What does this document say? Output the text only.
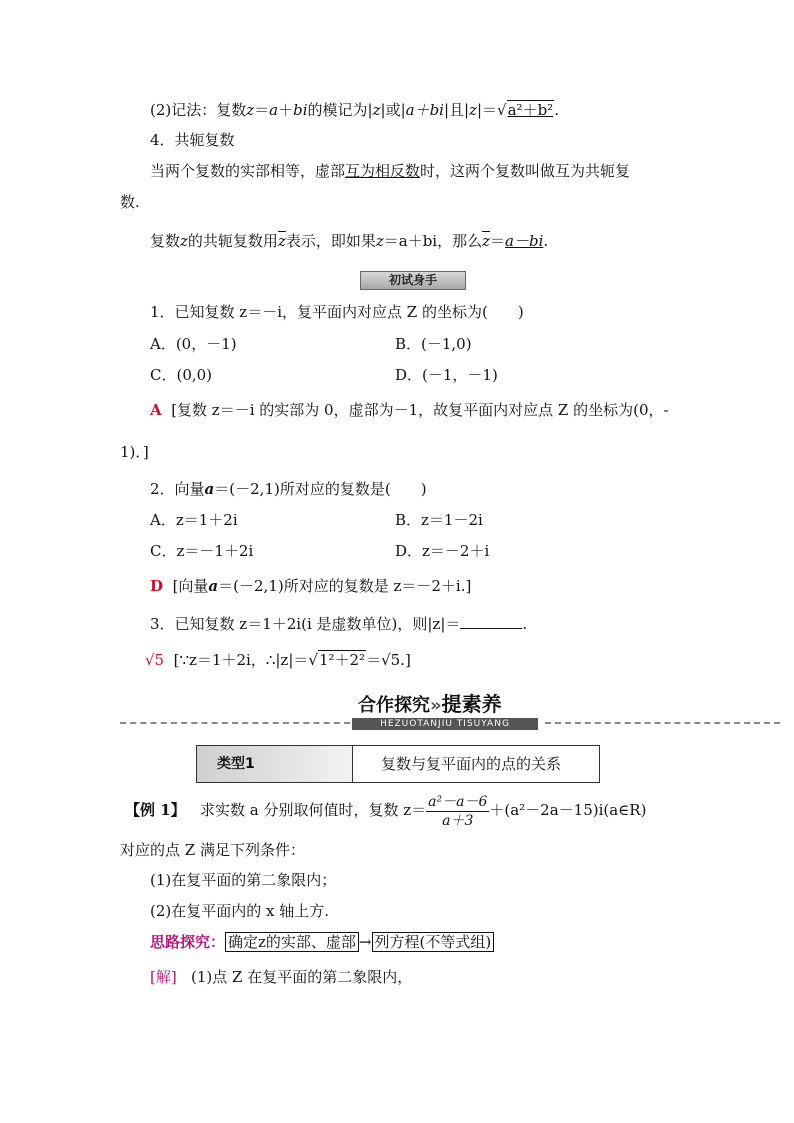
(2)记法：复数z＝a＋bi的模记为|z|或|a＋bi|且|z|＝√a²＋b².
4．共轭复数
当两个复数的实部相等，虚部互为相反数时，这两个复数叫做互为共轭复
数.
复数z的共轭复数用$\overline{z}$表示，即如果z＝a＋bi，那么$\overline{z}=a-bi$.
初试身手
1．已知复数 z＝－i，复平面内对应点 Z 的坐标为(　　)
A．(0，－1)	B．(－1,0)
C．(0,0)	D．(－1，－1)
A [复数 z＝－i 的实部为 0，虚部为－1，故复平面内对应点 Z 的坐标为(0，-
1)．]
2．向量a＝(－2,1)所对应的复数是(　　)
A．z＝1＋2i	B．z＝1－2i
C．z＝－1＋2i	D．z＝－2＋i
D [向量a＝(－2,1)所对应的复数是 z＝－2＋i.]
3．已知复数 z＝1＋2i(i 是虚数单位)，则|z|＝	.
√5 [∵z＝1＋2i，∴|z|＝√1²＋2²＝√5.]
合作探究»提素养
HEZUOTANJIU TISUYANG
类型1	复数与复平面内的点的关系
【例 1】 求实数 a 分别取何值时，复数 $z= \frac{\text{a²－a－6}}{a+3}$ ＋(a²－2a－15)i(a∈R)
对应的点 Z 满足下列条件：
(1)在复平面的第二象限内；
(2)在复平面内的 x 轴上方.
思路探究： 确定z的实部、虚部 → 列方程(不等式组)
[解] (1)点 Z 在复平面的第二象限内，
